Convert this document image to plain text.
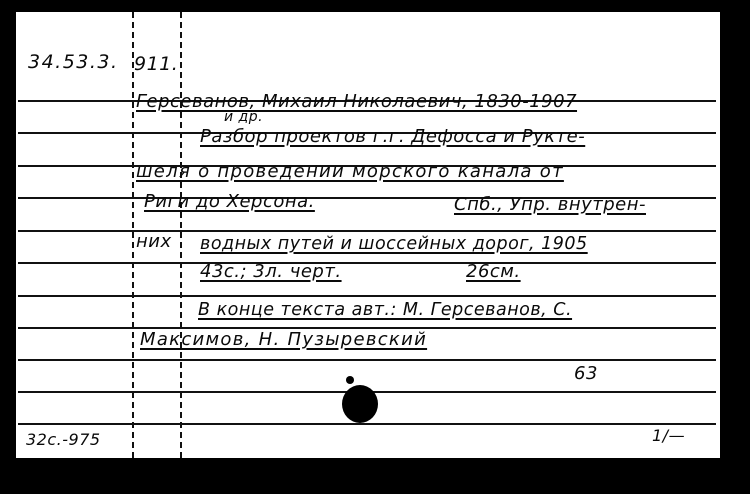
34.53.3. 911.
Герсеванов, Михаил Николаевич, 1830-1907
и др.
Разбор проектов г.г. Дефосса и Рукте-
шеля о проведении морского канала от
Риги до Херсона.	Спб., Упр. внутрен-
них водных путей и шоссейных дорог, 1905
43с.; 3л. черт.	26см.
В конце текста авт.: М. Герсеванов, С.
Максимов, Н. Пузыревский
63
32с.-975	1/—
